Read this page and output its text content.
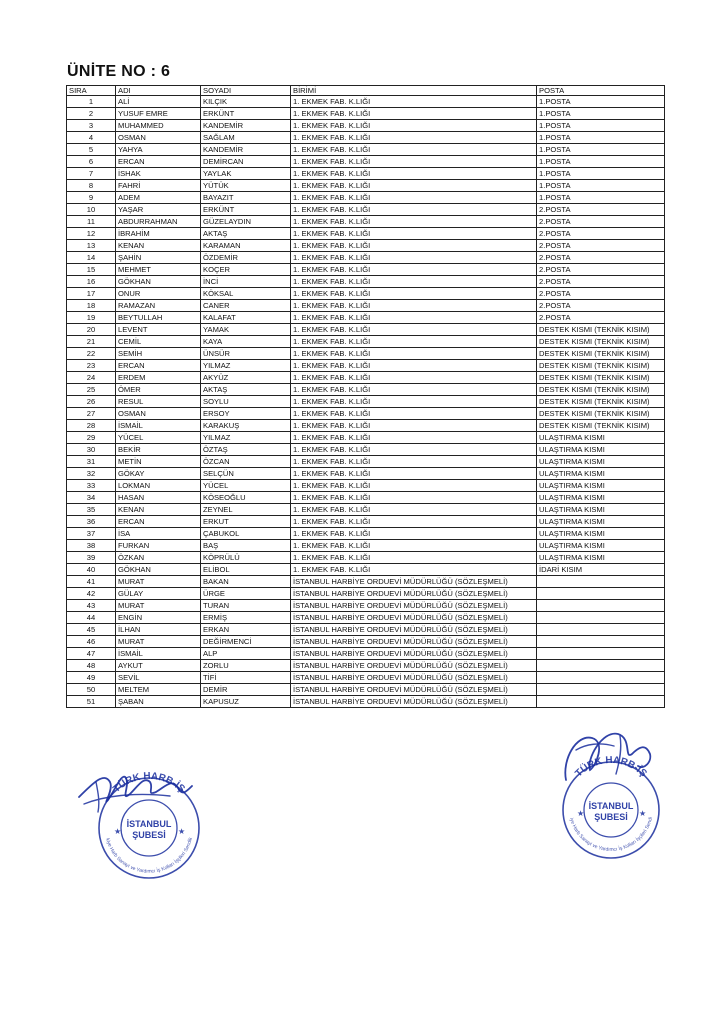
ÜNİTE NO : 6
SIRA	ADI	SOYADI	BİRİMİ	POSTA
1	ALİ	KILÇIK	1. EKMEK FAB. K.LIĞI	1.POSTA
2	YUSUF EMRE	ERKÜNT	1. EKMEK FAB. K.LIĞI	1.POSTA
3	MUHAMMED	KANDEMİR	1. EKMEK FAB. K.LIĞI	1.POSTA
4	OSMAN	SAĞLAM	1. EKMEK FAB. K.LIĞI	1.POSTA
5	YAHYA	KANDEMİR	1. EKMEK FAB. K.LIĞI	1.POSTA
6	ERCAN	DEMİRCAN	1. EKMEK FAB. K.LIĞI	1.POSTA
7	İSHAK	YAYLAK	1. EKMEK FAB. K.LIĞI	1.POSTA
8	FAHRİ	YÜTÜK	1. EKMEK FAB. K.LIĞI	1.POSTA
9	ADEM	BAYAZIT	1. EKMEK FAB. K.LIĞI	1.POSTA
10	YAŞAR	ERKÜNT	1. EKMEK FAB. K.LIĞI	2.POSTA
11	ABDURRAHMAN	GÜZELAYDIN	1. EKMEK FAB. K.LIĞI	2.POSTA
12	İBRAHİM	AKTAŞ	1. EKMEK FAB. K.LIĞI	2.POSTA
13	KENAN	KARAMAN	1. EKMEK FAB. K.LIĞI	2.POSTA
14	ŞAHİN	ÖZDEMİR	1. EKMEK FAB. K.LIĞI	2.POSTA
15	MEHMET	KOÇER	1. EKMEK FAB. K.LIĞI	2.POSTA
16	GÖKHAN	İNCİ	1. EKMEK FAB. K.LIĞI	2.POSTA
17	ONUR	KÖKSAL	1. EKMEK FAB. K.LIĞI	2.POSTA
18	RAMAZAN	CANER	1. EKMEK FAB. K.LIĞI	2.POSTA
19	BEYTULLAH	KALAFAT	1. EKMEK FAB. K.LIĞI	2.POSTA
20	LEVENT	YAMAK	1. EKMEK FAB. K.LIĞI	DESTEK KISMI (TEKNİK KISIM)
21	CEMİL	KAYA	1. EKMEK FAB. K.LIĞI	DESTEK KISMI (TEKNİK KISIM)
22	SEMİH	ÜNSÜR	1. EKMEK FAB. K.LIĞI	DESTEK KISMI (TEKNİK KISIM)
23	ERCAN	YILMAZ	1. EKMEK FAB. K.LIĞI	DESTEK KISMI (TEKNİK KISIM)
24	ERDEM	AKYÜZ	1. EKMEK FAB. K.LIĞI	DESTEK KISMI (TEKNİK KISIM)
25	ÖMER	AKTAŞ	1. EKMEK FAB. K.LIĞI	DESTEK KISMI (TEKNİK KISIM)
26	RESUL	SOYLU	1. EKMEK FAB. K.LIĞI	DESTEK KISMI (TEKNİK KISIM)
27	OSMAN	ERSOY	1. EKMEK FAB. K.LIĞI	DESTEK KISMI (TEKNİK KISIM)
28	İSMAİL	KARAKUŞ	1. EKMEK FAB. K.LIĞI	DESTEK KISMI (TEKNİK KISIM)
29	YÜCEL	YILMAZ	1. EKMEK FAB. K.LIĞI	ULAŞTIRMA KISMI
30	BEKİR	ÖZTAŞ	1. EKMEK FAB. K.LIĞI	ULAŞTIRMA KISMI
31	METİN	ÖZCAN	1. EKMEK FAB. K.LIĞI	ULAŞTIRMA KISMI
32	GÖKAY	SELÇÜN	1. EKMEK FAB. K.LIĞI	ULAŞTIRMA KISMI
33	LOKMAN	YÜCEL	1. EKMEK FAB. K.LIĞI	ULAŞTIRMA KISMI
34	HASAN	KÖSEOĞLU	1. EKMEK FAB. K.LIĞI	ULAŞTIRMA KISMI
35	KENAN	ZEYNEL	1. EKMEK FAB. K.LIĞI	ULAŞTIRMA KISMI
36	ERCAN	ERKUT	1. EKMEK FAB. K.LIĞI	ULAŞTIRMA KISMI
37	İSA	ÇABUKOL	1. EKMEK FAB. K.LIĞI	ULAŞTIRMA KISMI
38	FURKAN	BAŞ	1. EKMEK FAB. K.LIĞI	ULAŞTIRMA KISMI
39	ÖZKAN	KÖPRÜLÜ	1. EKMEK FAB. K.LIĞI	ULAŞTIRMA KISMI
40	GÖKHAN	ELİBOL	1. EKMEK FAB. K.LIĞI	İDARİ KISIM
41	MURAT	BAKAN	İSTANBUL HARBİYE ORDUEVİ MÜDÜRLÜĞÜ (SÖZLEŞMELİ)	
42	GÜLAY	ÜRGE	İSTANBUL HARBİYE ORDUEVİ MÜDÜRLÜĞÜ (SÖZLEŞMELİ)	
43	MURAT	TURAN	İSTANBUL HARBİYE ORDUEVİ MÜDÜRLÜĞÜ (SÖZLEŞMELİ)	
44	ENGİN	ERMİŞ	İSTANBUL HARBİYE ORDUEVİ MÜDÜRLÜĞÜ (SÖZLEŞMELİ)	
45	İLHAN	ERKAN	İSTANBUL HARBİYE ORDUEVİ MÜDÜRLÜĞÜ (SÖZLEŞMELİ)	
46	MURAT	DEĞİRMENCİ	İSTANBUL HARBİYE ORDUEVİ MÜDÜRLÜĞÜ (SÖZLEŞMELİ)	
47	İSMAİL	ALP	İSTANBUL HARBİYE ORDUEVİ MÜDÜRLÜĞÜ (SÖZLEŞMELİ)	
48	AYKUT	ZORLU	İSTANBUL HARBİYE ORDUEVİ MÜDÜRLÜĞÜ (SÖZLEŞMELİ)	
49	SEVİL	TİFİ	İSTANBUL HARBİYE ORDUEVİ MÜDÜRLÜĞÜ (SÖZLEŞMELİ)	
50	MELTEM	DEMİR	İSTANBUL HARBİYE ORDUEVİ MÜDÜRLÜĞÜ (SÖZLEŞMELİ)	
51	ŞABAN	KAPUSUZ	İSTANBUL HARBİYE ORDUEVİ MÜDÜRLÜĞÜ (SÖZLEŞMELİ)	
TÜRK HARB-İŞ
kiye Harb Sanayi ve Yardımcı İş Kolları İşçileri Sendik
İSTANBUL
ŞUBESİ
★	★
TÜRK HARB-İŞ
iye Harb Sanayi ve Yardımcı İş Kolları İşçileri Sendi
İSTANBUL
ŞUBESİ
★	★
